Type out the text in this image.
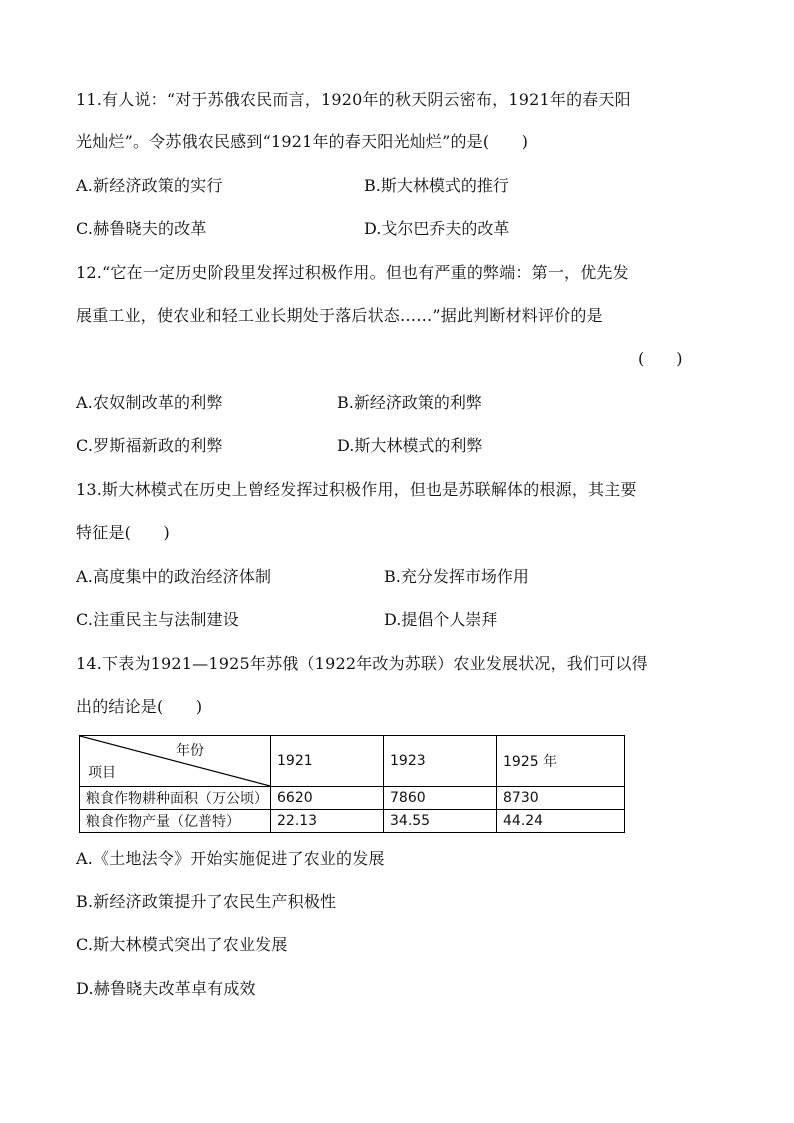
11.有人说：“对于苏俄农民而言，1920年的秋天阴云密布，1921年的春天阳
光灿烂”。令苏俄农民感到“1921年的春天阳光灿烂”的是(　　)
A.新经济政策的实行	B.斯大林模式的推行
C.赫鲁晓夫的改革	D.戈尔巴乔夫的改革
12.“它在一定历史阶段里发挥过积极作用。但也有严重的弊端：第一，优先发
展重工业，使农业和轻工业长期处于落后状态……”据此判断材料评价的是
(　　)
A.农奴制改革的利弊	B.新经济政策的利弊
C.罗斯福新政的利弊	D.斯大林模式的利弊
13.斯大林模式在历史上曾经发挥过积极作用，但也是苏联解体的根源，其主要
特征是(　　)
A.高度集中的政治经济体制	B.充分发挥市场作用
C.注重民主与法制建设	D.提倡个人崇拜
14.下表为1921—1925年苏俄（1922年改为苏联）农业发展状况，我们可以得
出的结论是(　　)
年份
项目	1921	1923	1925 年
粮食作物耕种面积（万公顷）	6620	7860	8730
粮食作物产量（亿普特）	22.13	34.55	44.24
A.《土地法令》开始实施促进了农业的发展
B.新经济政策提升了农民生产积极性
C.斯大林模式突出了农业发展
D.赫鲁晓夫改革卓有成效
